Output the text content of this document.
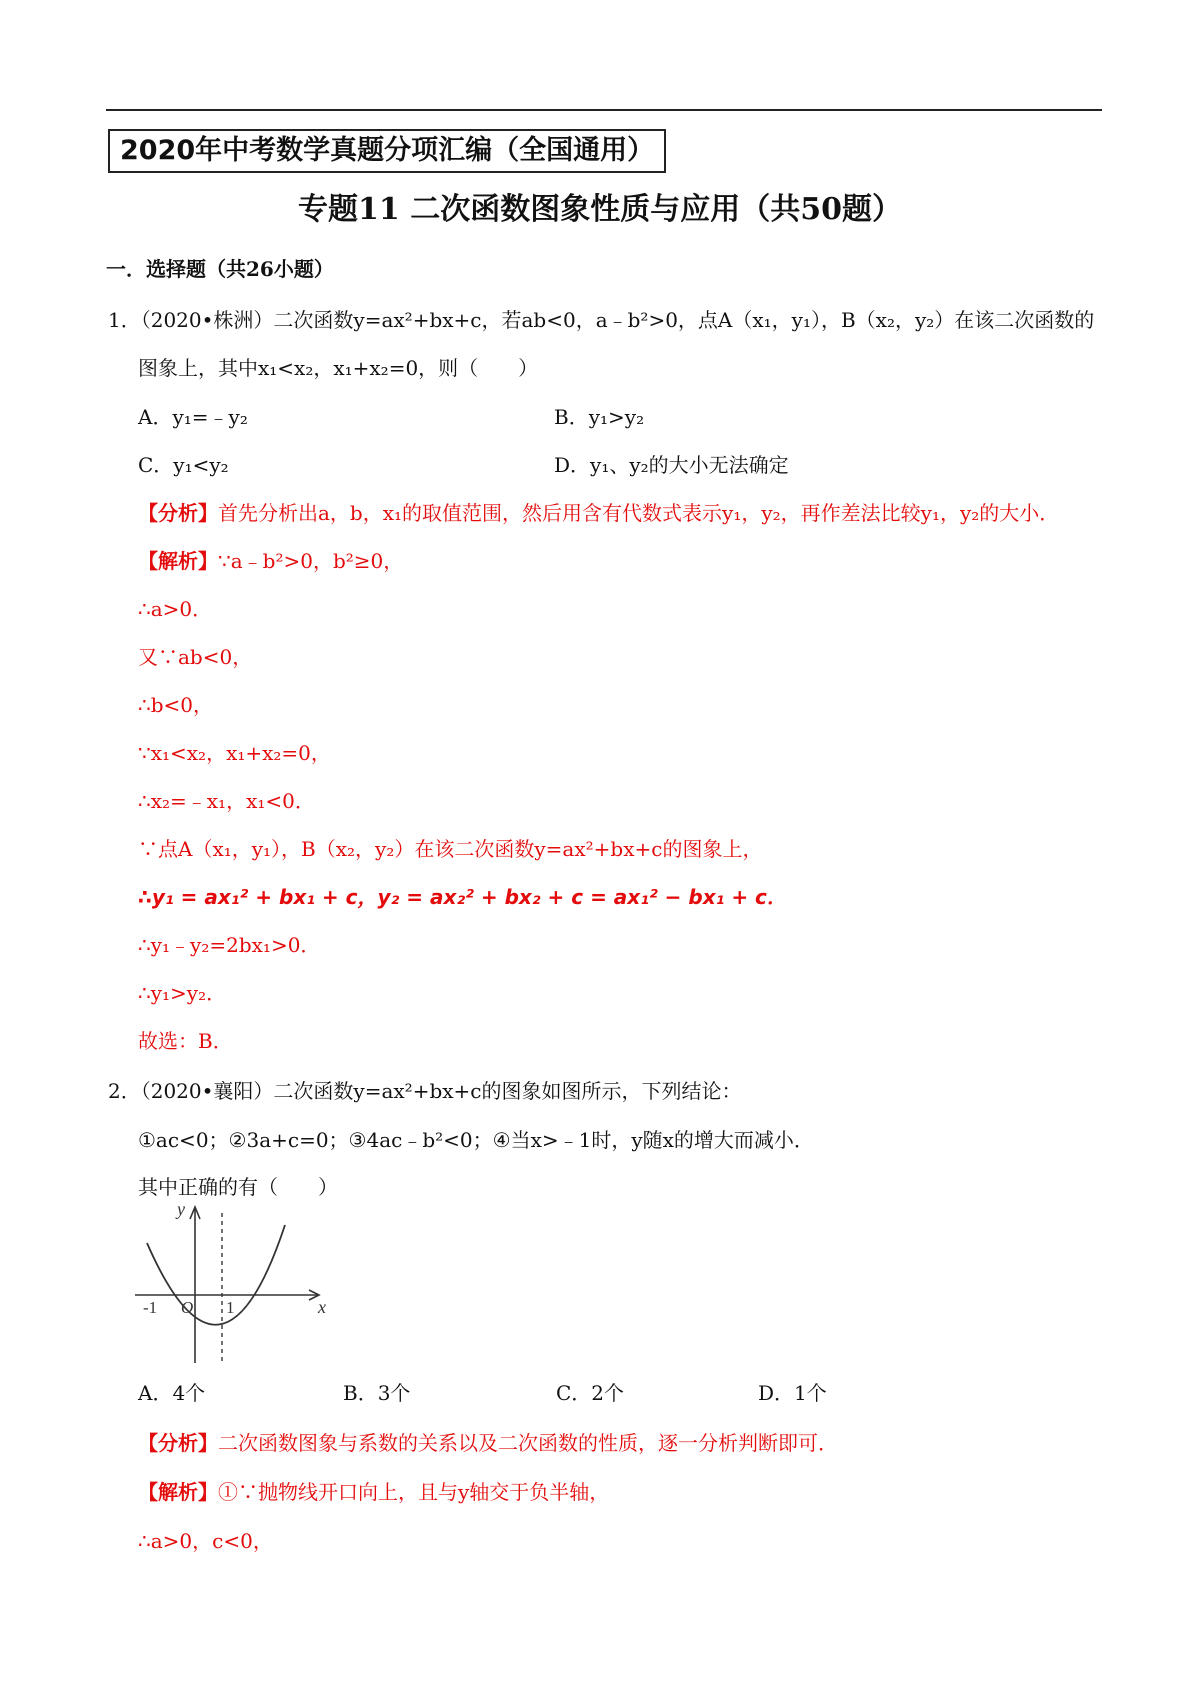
2020年中考数学真题分项汇编（全国通用）
专题11 二次函数图象性质与应用（共50题）
一．选择题（共26小题）
1．（2020•株洲）二次函数y=ax²+bx+c，若ab<0，a﹣b²>0，点A（x₁，y₁），B（x₂，y₂）在该二次函数的
图象上，其中x₁<x₂，x₁+x₂=0，则（　　）
A．y₁=﹣y₂	B．y₁>y₂
C．y₁<y₂	D．y₁、y₂的大小无法确定
【分析】首先分析出a，b，x₁的取值范围，然后用含有代数式表示y₁，y₂，再作差法比较y₁，y₂的大小．
【解析】∵a﹣b²>0，b²≥0，
∴a>0．
又∵ab<0，
∴b<0，
∵x₁<x₂，x₁+x₂=0，
∴x₂=﹣x₁，x₁<0．
∵点A（x₁，y₁），B（x₂，y₂）在该二次函数y=ax²+bx+c的图象上，
∴y₁ = ax₁² + bx₁ + c，y₂ = ax₂² + bx₂ + c = ax₁² − bx₁ + c．
∴y₁﹣y₂=2bx₁>0．
∴y₁>y₂．
故选：B．
2．（2020•襄阳）二次函数y=ax²+bx+c的图象如图所示，下列结论：
①ac<0；②3a+c=0；③4ac﹣b²<0；④当x>﹣1时，y随x的增大而减小．
其中正确的有（　　）
y
x
O
-1	1
A．4个	B．3个	C．2个	D．1个
【分析】二次函数图象与系数的关系以及二次函数的性质，逐一分析判断即可．
【解析】①∵抛物线开口向上，且与y轴交于负半轴，
∴a>0，c<0，
